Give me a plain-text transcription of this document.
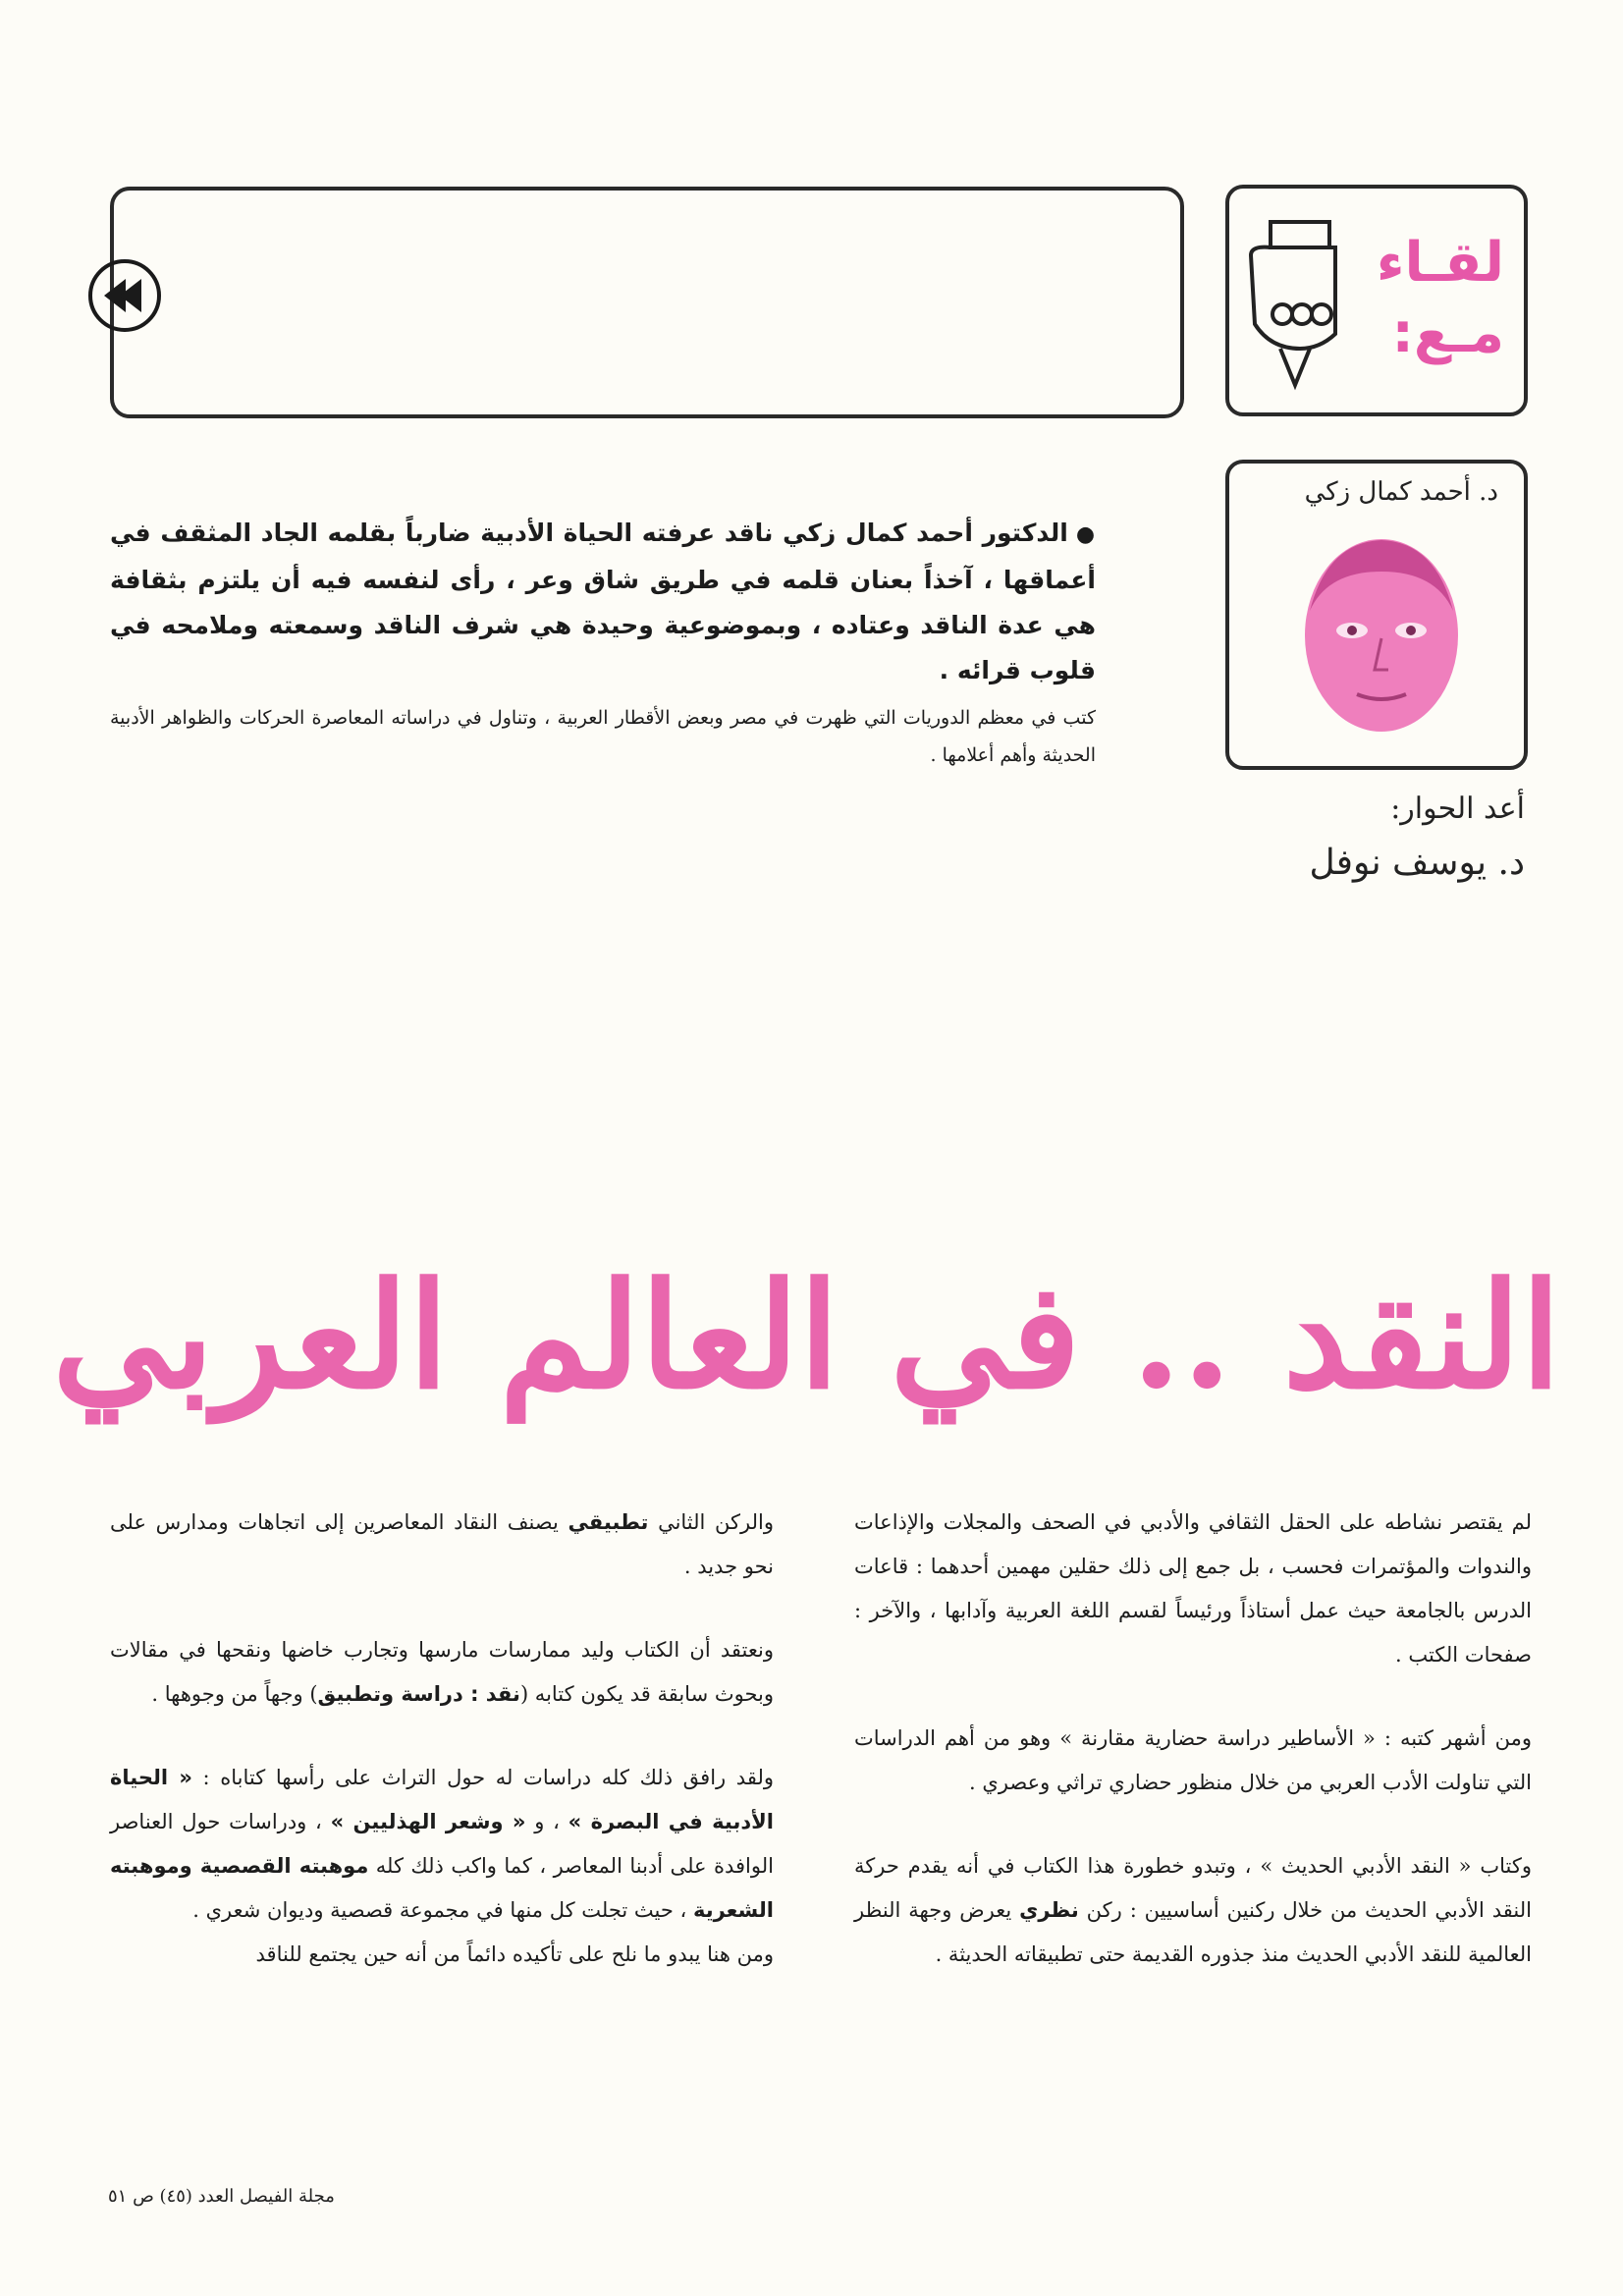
لقـاء
مـع:
د. أحمد كمال زكي
أعد الحوار:
د. يوسف نوفل

●الدكتور أحمد كمال زكي ناقد عرفته الحياة الأدبية ضارباً بقلمه الجاد المثقف في أعماقها ، آخذاً بعنان قلمه في طريق شاق وعر ، رأى لنفسه فيه أن يلتزم بثقافة هي عدة الناقد وعتاده ، وبموضوعية وحيدة هي شرف الناقد وسمعته وملامحه في قلوب قرائه .

كتب في معظم الدوريات التي ظهرت في مصر وبعض الأقطار العربية ، وتناول في دراساته المعاصرة الحركات والظواهر الأدبية الحديثة وأهم أعلامها .

النقد .. في العالم العربي

لم يقتصر نشاطه على الحقل الثقافي والأدبي في الصحف والمجلات والإذاعات والندوات والمؤتمرات فحسب ، بل جمع إلى ذلك حقلين مهمين أحدهما : قاعات الدرس بالجامعة حيث عمل أستاذاً ورئيساً لقسم اللغة العربية وآدابها ، والآخر : صفحات الكتب .

ومن أشهر كتبه : « الأساطير دراسة حضارية مقارنة » وهو من أهم الدراسات التي تناولت الأدب العربي من خلال منظور حضاري تراثي وعصري .

وكتاب « النقد الأدبي الحديث » ، وتبدو خطورة هذا الكتاب في أنه يقدم حركة النقد الأدبي الحديث من خلال ركنين أساسيين : ركن نظري يعرض وجهة النظر العالمية للنقد الأدبي الحديث منذ جذوره القديمة حتى تطبيقاته الحديثة .

والركن الثاني تطبيقي يصنف النقاد المعاصرين إلى اتجاهات ومدارس على نحو جديد .

ونعتقد أن الكتاب وليد ممارسات مارسها وتجارب خاضها ونقحها في مقالات وبحوث سابقة قد يكون كتابه (نقد : دراسة وتطبيق) وجهاً من وجوهها .

ولقد رافق ذلك كله دراسات له حول التراث على رأسها كتاباه : « الحياة الأدبية في البصرة » ، و « وشعر الهذليين » ، ودراسات حول العناصر الوافدة على أدبنا المعاصر ، كما واكب ذلك كله موهبته القصصية وموهبته الشعرية ، حيث تجلت كل منها في مجموعة قصصية وديوان شعري .

ومن هنا يبدو ما نلح على تأكيده دائماً من أنه حين يجتمع للناقد

مجلة الفيصل العدد (٤٥) ص ٥١
